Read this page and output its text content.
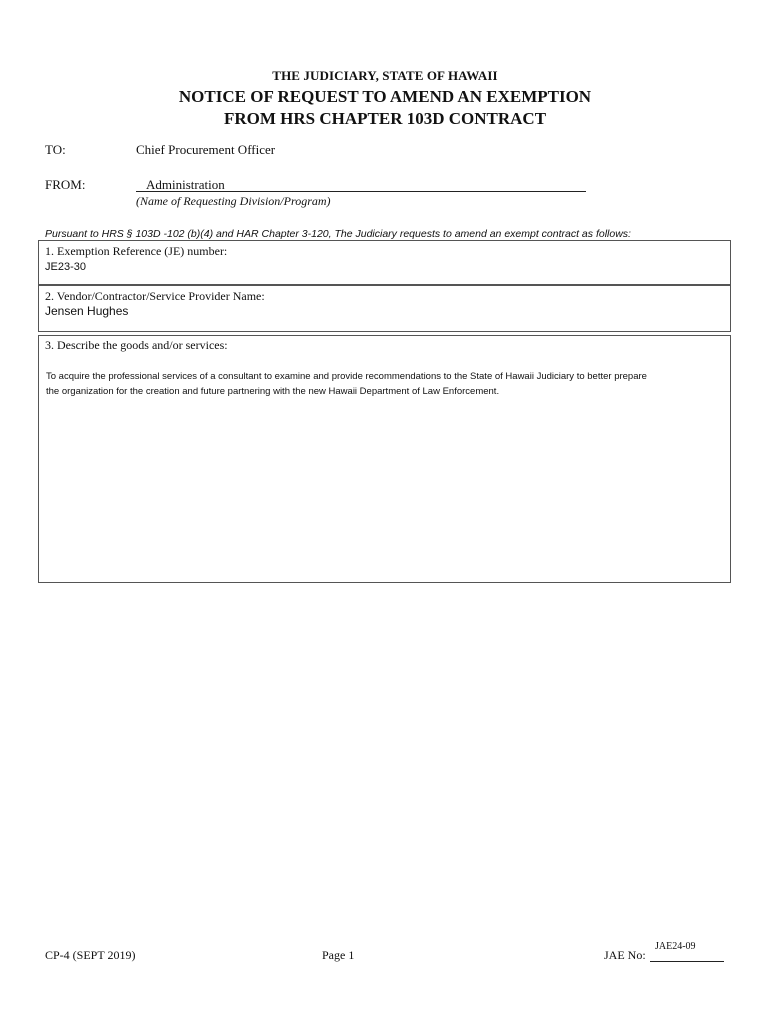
THE JUDICIARY, STATE OF HAWAII
NOTICE OF REQUEST TO AMEND AN EXEMPTION
FROM HRS CHAPTER 103D CONTRACT
TO:	Chief Procurement Officer
FROM:	Administration
(Name of Requesting Division/Program)
Pursuant to HRS § 103D -102 (b)(4) and HAR Chapter 3-120, The Judiciary requests to amend an exempt contract as follows:
1. Exemption Reference (JE) number:
JE23-30
2. Vendor/Contractor/Service Provider Name:
Jensen Hughes
3. Describe the goods and/or services:
To acquire the professional services of a consultant to examine and provide recommendations to the State of Hawaii Judiciary to better prepare
the organization for the creation and future partnering with the new Hawaii Department of Law Enforcement.
CP-4 (SEPT 2019)	Page 1	JAE No:
JAE24-09
